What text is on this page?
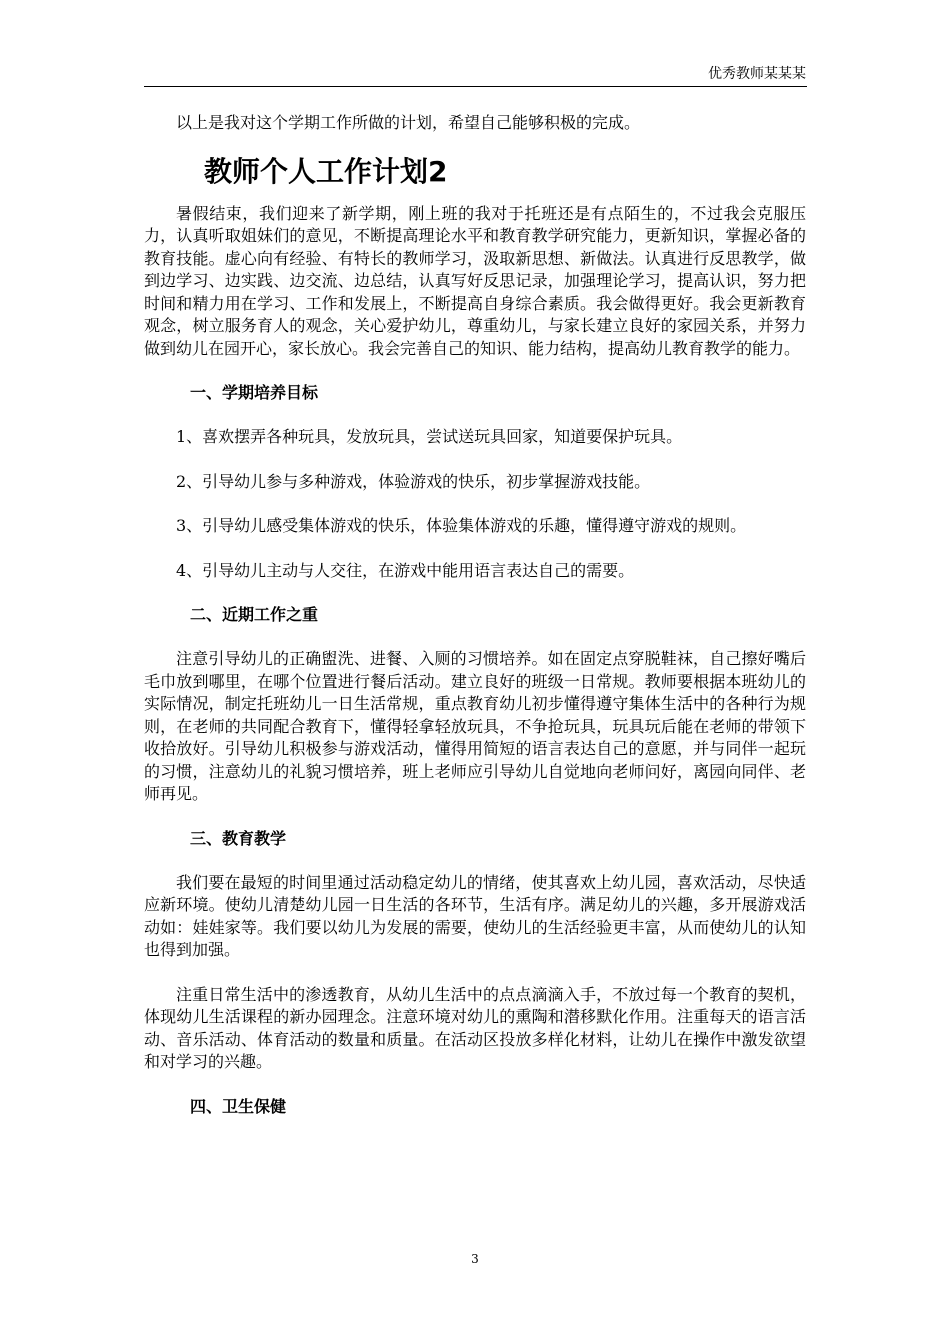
优秀教师某某某

以上是我对这个学期工作所做的计划，希望自己能够积极的完成。

教师个人工作计划2

暑假结束，我们迎来了新学期，刚上班的我对于托班还是有点陌生的，不过我会克服压力，认真听取姐妹们的意见，不断提高理论水平和教育教学研究能力，更新知识，掌握必备的教育技能。虚心向有经验、有特长的教师学习，汲取新思想、新做法。认真进行反思教学，做到边学习、边实践、边交流、边总结，认真写好反思记录，加强理论学习，提高认识，努力把时间和精力用在学习、工作和发展上，不断提高自身综合素质。我会做得更好。我会更新教育观念，树立服务育人的观念，关心爱护幼儿，尊重幼儿，与家长建立良好的家园关系，并努力做到幼儿在园开心，家长放心。我会完善自己的知识、能力结构，提高幼儿教育教学的能力。

一、学期培养目标

1、喜欢摆弄各种玩具，发放玩具，尝试送玩具回家，知道要保护玩具。

2、引导幼儿参与多种游戏，体验游戏的快乐，初步掌握游戏技能。

3、引导幼儿感受集体游戏的快乐，体验集体游戏的乐趣，懂得遵守游戏的规则。

4、引导幼儿主动与人交往，在游戏中能用语言表达自己的需要。

二、近期工作之重

注意引导幼儿的正确盥洗、进餐、入厕的习惯培养。如在固定点穿脱鞋袜，自己擦好嘴后毛巾放到哪里，在哪个位置进行餐后活动。建立良好的班级一日常规。教师要根据本班幼儿的实际情况，制定托班幼儿一日生活常规，重点教育幼儿初步懂得遵守集体生活中的各种行为规则，在老师的共同配合教育下，懂得轻拿轻放玩具，不争抢玩具，玩具玩后能在老师的带领下收拾放好。引导幼儿积极参与游戏活动，懂得用简短的语言表达自己的意愿，并与同伴一起玩的习惯，注意幼儿的礼貌习惯培养，班上老师应引导幼儿自觉地向老师问好，离园向同伴、老师再见。

三、教育教学

我们要在最短的时间里通过活动稳定幼儿的情绪，使其喜欢上幼儿园，喜欢活动，尽快适应新环境。使幼儿清楚幼儿园一日生活的各环节，生活有序。满足幼儿的兴趣，多开展游戏活动如：娃娃家等。我们要以幼儿为发展的需要，使幼儿的生活经验更丰富，从而使幼儿的认知也得到加强。

注重日常生活中的渗透教育，从幼儿生活中的点点滴滴入手，不放过每一个教育的契机，体现幼儿生活课程的新办园理念。注意环境对幼儿的熏陶和潜移默化作用。注重每天的语言活动、音乐活动、体育活动的数量和质量。在活动区投放多样化材料，让幼儿在操作中激发欲望和对学习的兴趣。

四、卫生保健
3
